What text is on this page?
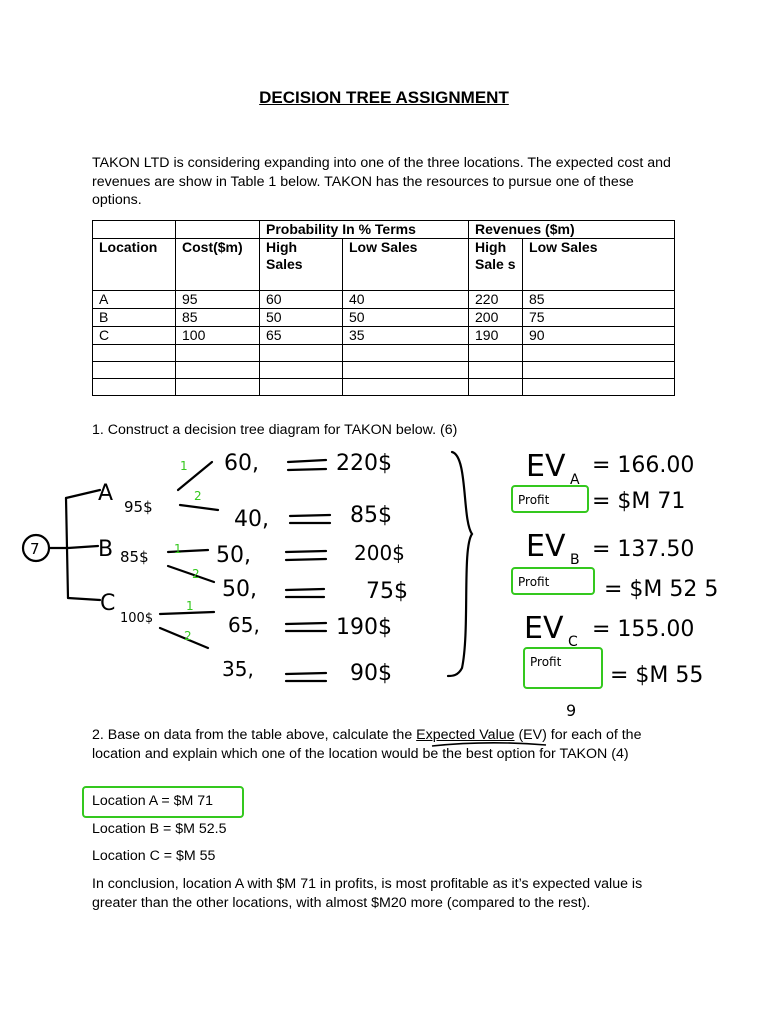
DECISION TREE ASSIGNMENT
TAKON LTD is considering expanding into one of the three locations. The expected cost and revenues are show in Table 1 below. TAKON has the resources to pursue one of these options.
		Probability In % Terms		Revenues ($m)	
Location	Cost($m)	High Sales	Low Sales	High Sale s	Low Sales
A	95	60	40	220	85
B	85	50	50	200	75
C	100	65	35	190	90

1. Construct a decision tree diagram for TAKON below. (6)
7
A
B
C
95$
85$
100$
1
2
1
2
1
2
60,
40,
50,
50,
65,
35,
220$
85$
200$
75$
190$
90$
EV A
= 166.00
Profit = $M 71
EV B = 137.50
Profit = $M 52 5
EV C = 155.00
Profit
= $M 55
9
2. Base on data from the table above, calculate the Expected Value (EV) for each of the location and explain which one of the location would be the best option for TAKON (4)
Location A = $M 71
Location B = $M 52.5
Location C = $M 55
In conclusion, location A with $M 71 in profits, is most profitable as it’s expected value is greater than the other locations, with almost $M20 more (compared to the rest).
